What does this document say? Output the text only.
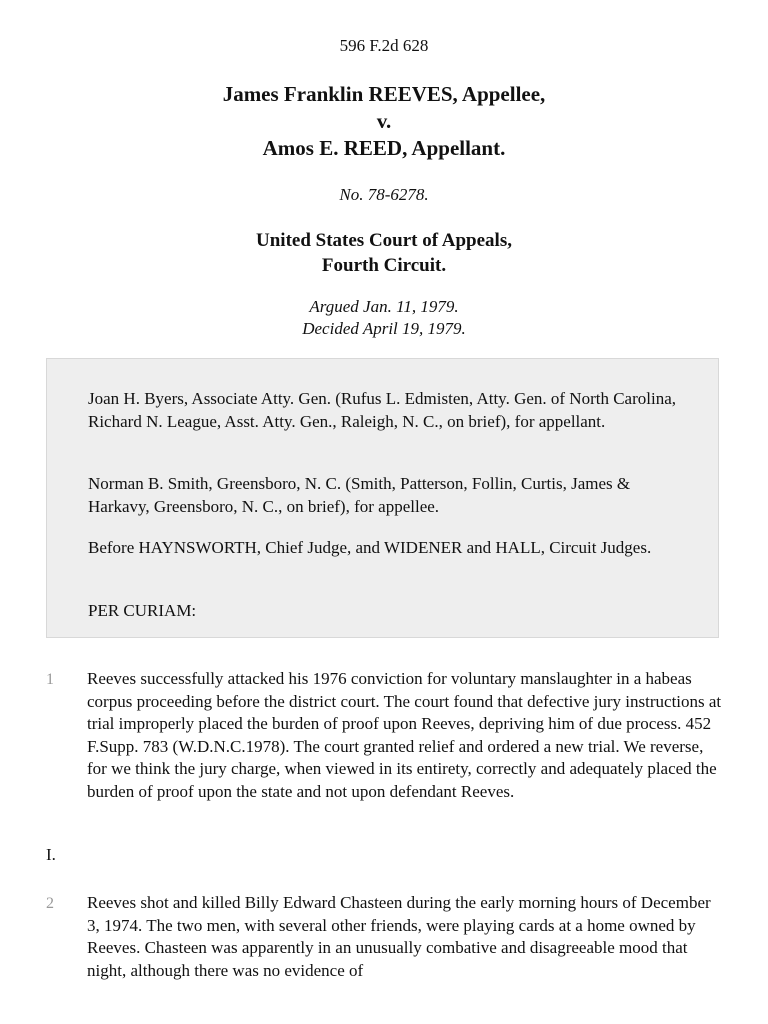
596 F.2d 628
James Franklin REEVES, Appellee,
v.
Amos E. REED, Appellant.
No. 78-6278.
United States Court of Appeals,
Fourth Circuit.
Argued Jan. 11, 1979.
Decided April 19, 1979.

Joan H. Byers, Associate Atty. Gen. (Rufus L. Edmisten, Atty. Gen. of North Carolina, Richard N. League, Asst. Atty. Gen., Raleigh, N. C., on brief), for appellant.

Norman B. Smith, Greensboro, N. C. (Smith, Patterson, Follin, Curtis, James & Harkavy, Greensboro, N. C., on brief), for appellee.

Before HAYNSWORTH, Chief Judge, and WIDENER and HALL, Circuit Judges.

PER CURIAM:

1 Reeves successfully attacked his 1976 conviction for voluntary manslaughter in a habeas corpus proceeding before the district court. The court found that defective jury instructions at trial improperly placed the burden of proof upon Reeves, depriving him of due process. 452 F.Supp. 783 (W.D.N.C.1978). The court granted relief and ordered a new trial. We reverse, for we think the jury charge, when viewed in its entirety, correctly and adequately placed the burden of proof upon the state and not upon defendant Reeves.

I.
2 Reeves shot and killed Billy Edward Chasteen during the early morning hours of December 3, 1974. The two men, with several other friends, were playing cards at a home owned by Reeves. Chasteen was apparently in an unusually combative and disagreeable mood that night, although there was no evidence of
